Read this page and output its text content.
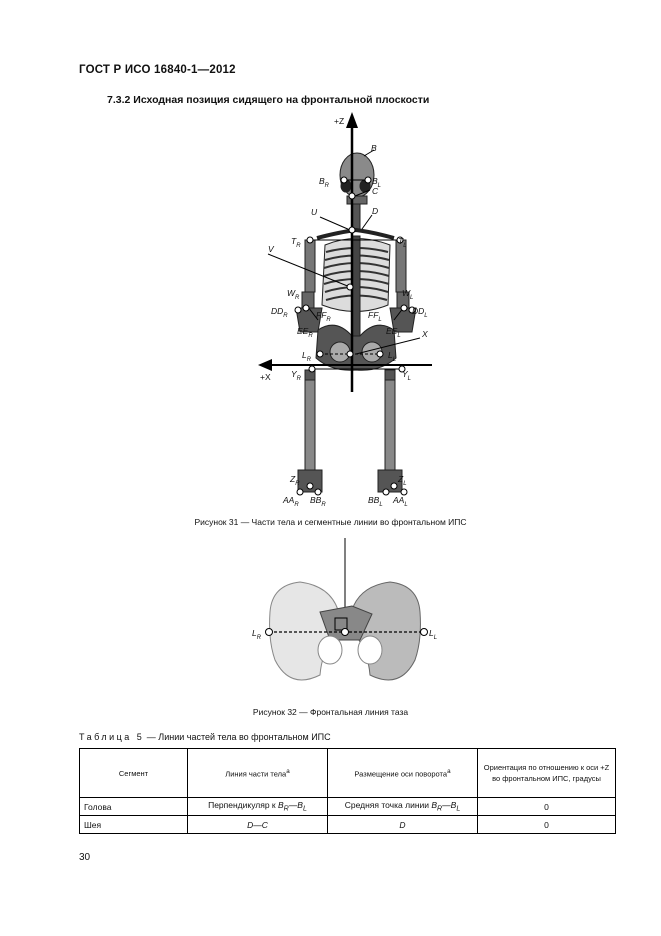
ГОСТ Р ИСО 16840-1—2012
7.3.2 Исходная позиция сидящего на фронтальной плоскости
+Z
+X
B
$B_R$	$B_L$
C
U	D
$T_R$	$T_L$
V
$W_R$	$W_L$
$DD_R$	$DD_L$
$FF_R$	$FF_L$
$EE_R$	$EE_L$	X
$L_R$	$L_L$
$Y_R$	$Y_L$
$Z_R$	$Z_L$
$AA_R$ $BB_R$	$BB_L$ $AA_L$
$L_R$	$L_L$
Рисунок 31 — Части тела и сегментные линии во фронтальном ИПС
Рисунок 32 — Фронтальная линия таза
Таблица 5 — Линии частей тела во фронтальном ИПС
Сегмент	Линия части тела$^a$	Размещение оси поворота$^a$	Ориентация по отношению к оси +Z во фронтальном ИПС, градусы
Голова	Перпендикуляр к $B_R—B_L$	Средняя точка линии $B_R—B_L$	0
Шея	D—C	D	0
30
